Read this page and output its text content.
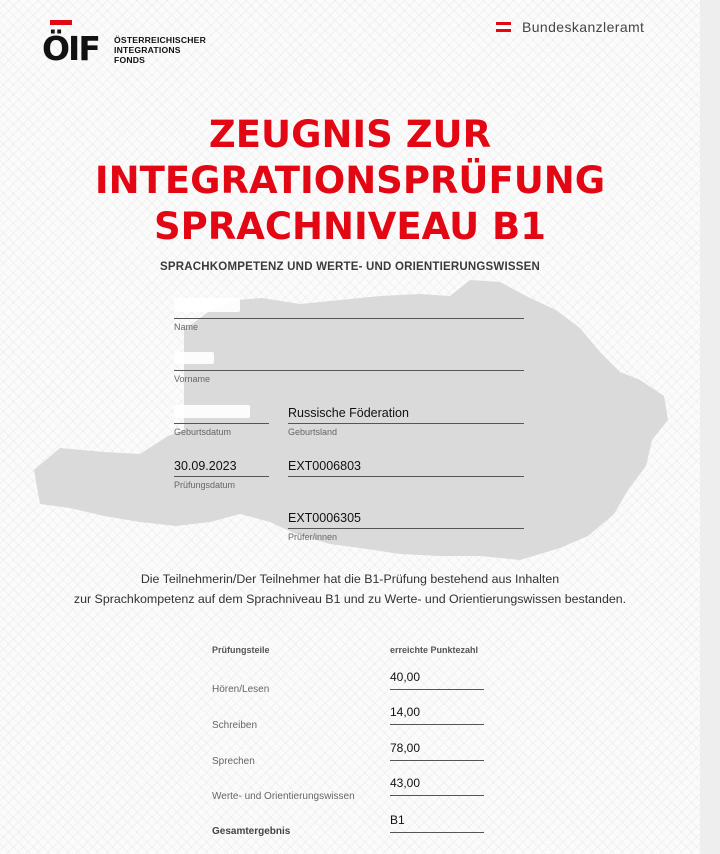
ÖIF ÖSTERREICHISCHER
INTEGRATIONS
FONDS
Bundeskanzleramt
ZEUGNIS ZUR
INTEGRATIONSPRÜFUNG
SPRACHNIVEAU B1
SPRACHKOMPETENZ UND WERTE- UND ORIENTIERUNGSWISSEN
Name
Vorname
Geburtsdatum
Russische Föderation
Geburtsland
30.09.2023
Prüfungsdatum
EXT0006803
EXT0006305
Prüfer/innen
Die Teilnehmerin/Der Teilnehmer hat die B1-Prüfung bestehend aus Inhalten
zur Sprachkompetenz auf dem Sprachniveau B1 und zu Werte- und Orientierungswissen bestanden.
Prüfungsteile	erreichte Punktezahl
Hören/Lesen
40,00
Schreiben
14,00
Sprechen
78,00
Werte- und Orientierungswissen
43,00
Gesamtergebnis
B1
